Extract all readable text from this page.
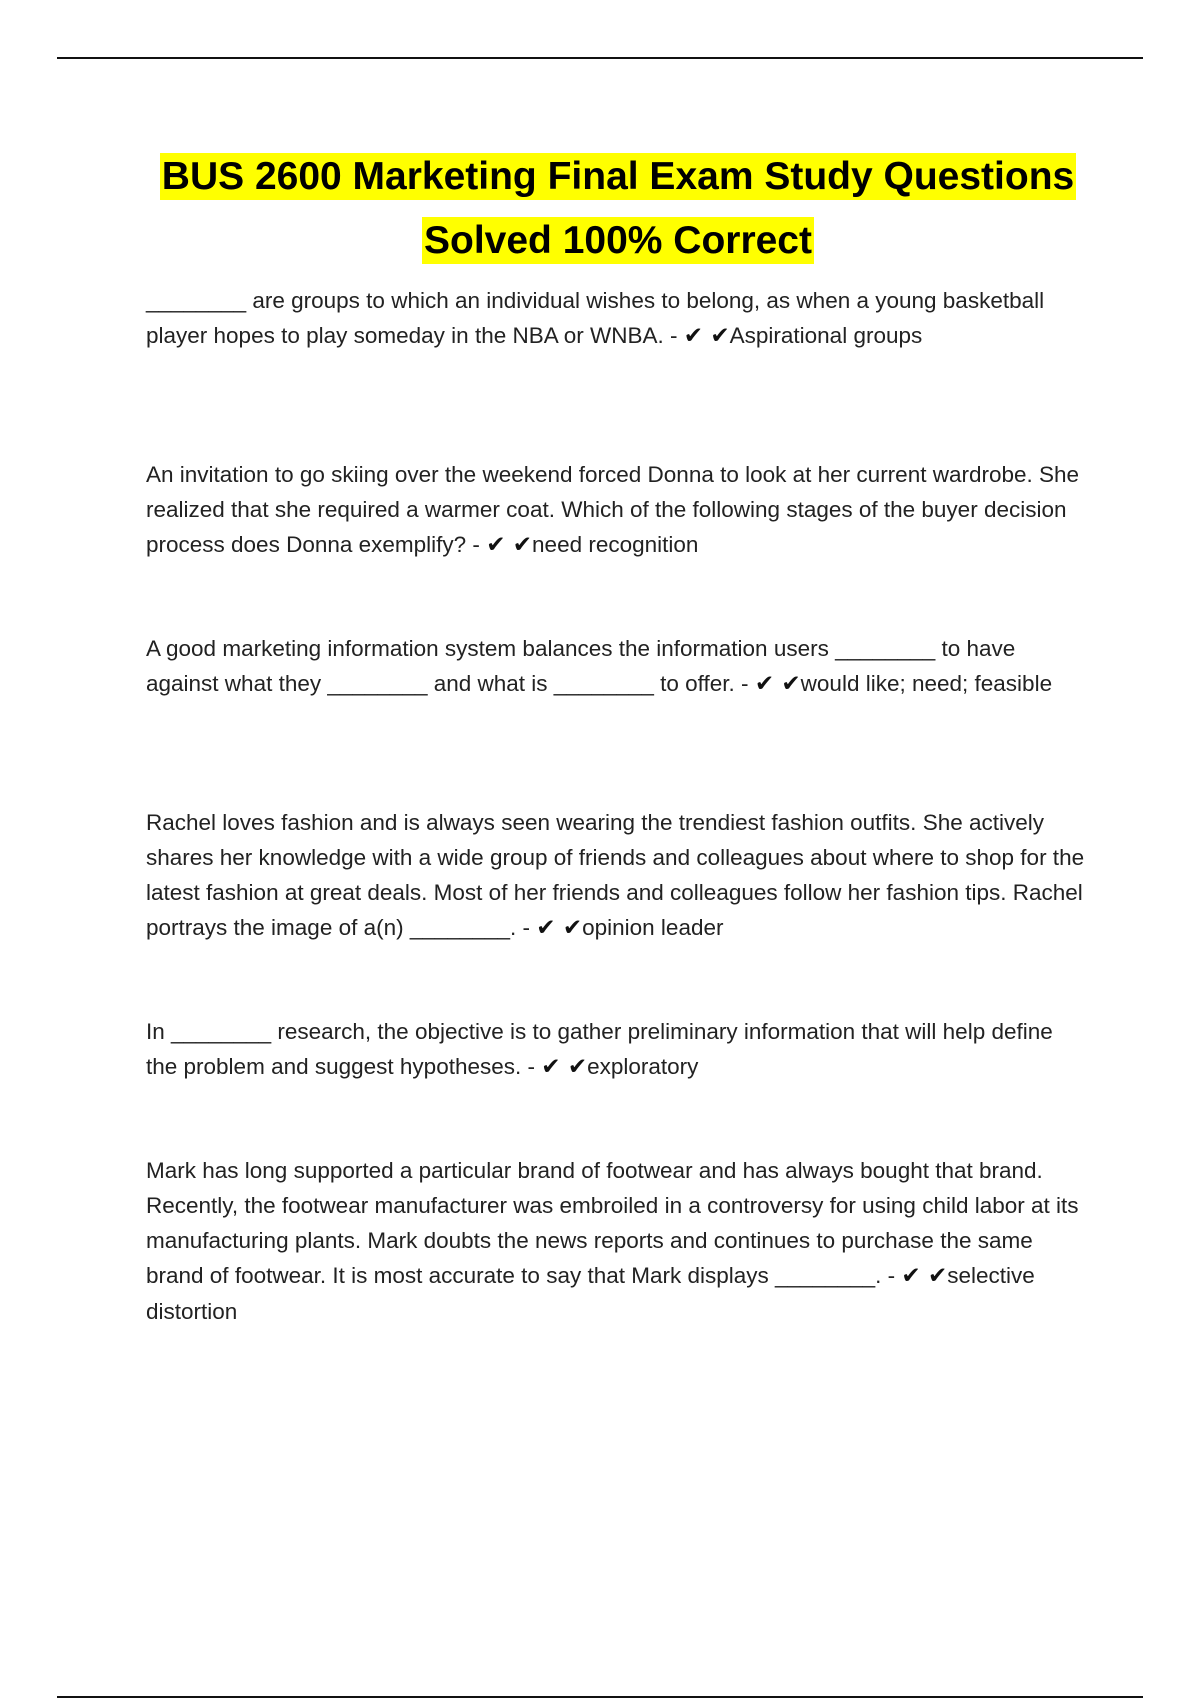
BUS 2600 Marketing Final Exam Study Questions
Solved 100% Correct
________ are groups to which an individual wishes to belong, as when a young basketball player hopes to play someday in the NBA or WNBA. - ✔ ✔Aspirational groups
An invitation to go skiing over the weekend forced Donna to look at her current wardrobe. She realized that she required a warmer coat. Which of the following stages of the buyer decision process does Donna exemplify? - ✔ ✔need recognition
A good marketing information system balances the information users ________ to have against what they ________ and what is ________ to offer. - ✔ ✔would like; need; feasible
Rachel loves fashion and is always seen wearing the trendiest fashion outfits. She actively shares her knowledge with a wide group of friends and colleagues about where to shop for the latest fashion at great deals. Most of her friends and colleagues follow her fashion tips. Rachel portrays the image of a(n) ________. - ✔ ✔opinion leader
In ________ research, the objective is to gather preliminary information that will help define the problem and suggest hypotheses. - ✔ ✔exploratory
Mark has long supported a particular brand of footwear and has always bought that brand. Recently, the footwear manufacturer was embroiled in a controversy for using child labor at its manufacturing plants. Mark doubts the news reports and continues to purchase the same brand of footwear. It is most accurate to say that Mark displays ________. - ✔ ✔selective distortion
